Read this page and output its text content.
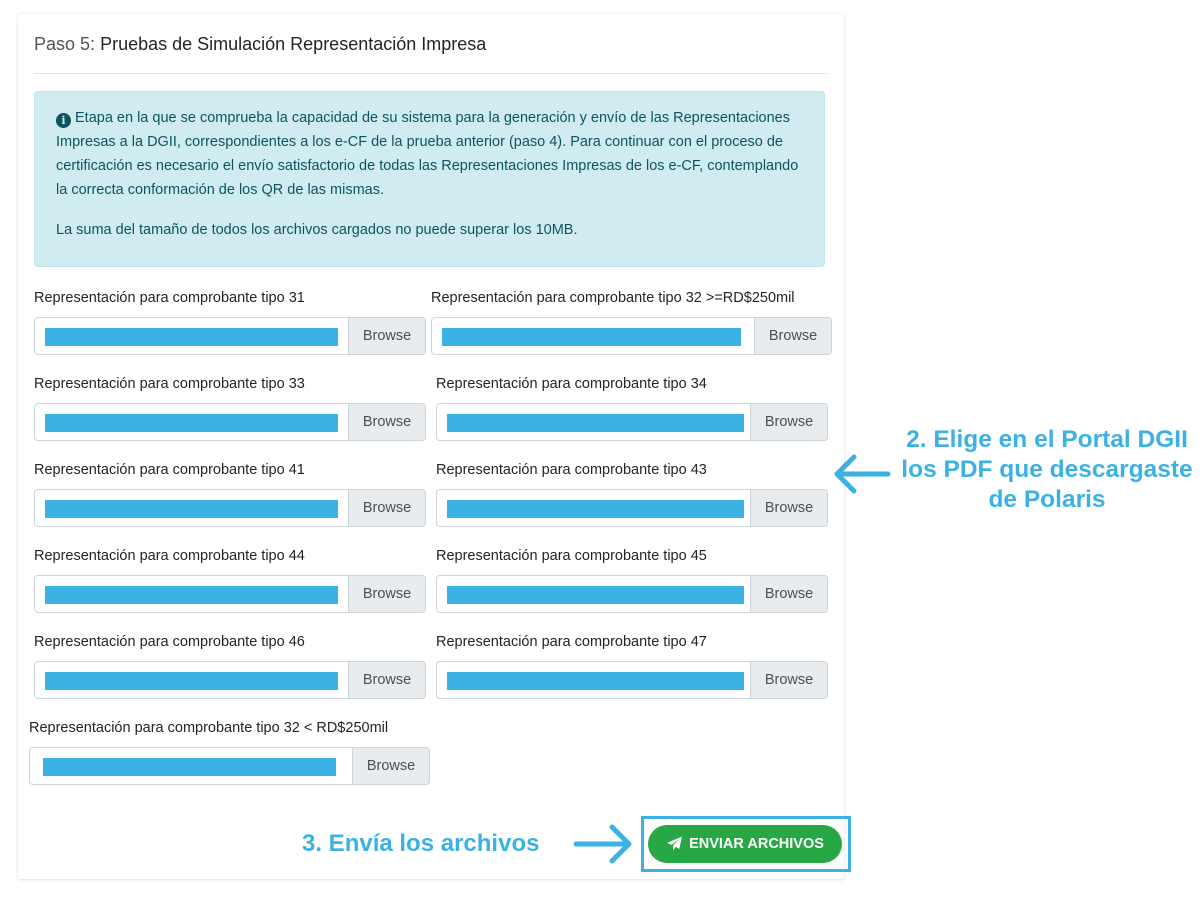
Paso 5: Pruebas de Simulación Representación Impresa

i Etapa en la que se comprueba la capacidad de su sistema para la generación y envío de las Representaciones Impresas a la DGII, correspondientes a los e-CF de la prueba anterior (paso 4). Para continuar con el proceso de certificación es necesario el envío satisfactorio de todas las Representaciones Impresas de los e-CF, contemplando la correcta conformación de los QR de las mismas.

La suma del tamaño de todos los archivos cargados no puede superar los 10MB.

Representación para comprobante tipo 31
Browse
Representación para comprobante tipo 32 >=RD$250mil
Browse
Representación para comprobante tipo 33
Browse
Representación para comprobante tipo 34
Browse
Representación para comprobante tipo 41
Browse
Representación para comprobante tipo 43
Browse
Representación para comprobante tipo 44
Browse
Representación para comprobante tipo 45
Browse
Representación para comprobante tipo 46
Browse
Representación para comprobante tipo 47
Browse
Representación para comprobante tipo 32 < RD$250mil
Browse
2. Elige en el Portal DGII los PDF que descargaste de Polaris
3. Envía los archivos	ENVIAR ARCHIVOS
